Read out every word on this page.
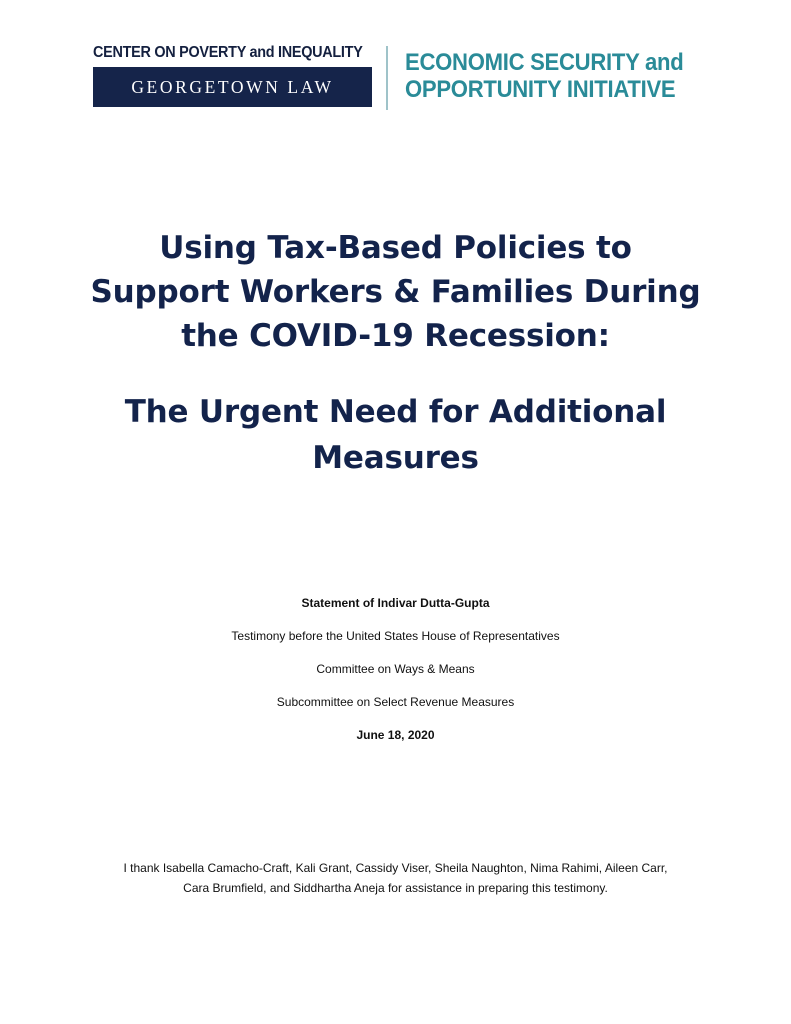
CENTER ON POVERTY and INEQUALITY
GEORGETOWN LAW
ECONOMIC SECURITY and
OPPORTUNITY INITIATIVE
Using Tax-Based Policies to
Support Workers & Families During
the COVID-19 Recession:
The Urgent Need for Additional
Measures
Statement of Indivar Dutta-Gupta
Testimony before the United States House of Representatives
Committee on Ways & Means
Subcommittee on Select Revenue Measures
June 18, 2020
I thank Isabella Camacho-Craft, Kali Grant, Cassidy Viser, Sheila Naughton, Nima Rahimi, Aileen Carr,
Cara Brumfield, and Siddhartha Aneja for assistance in preparing this testimony.
